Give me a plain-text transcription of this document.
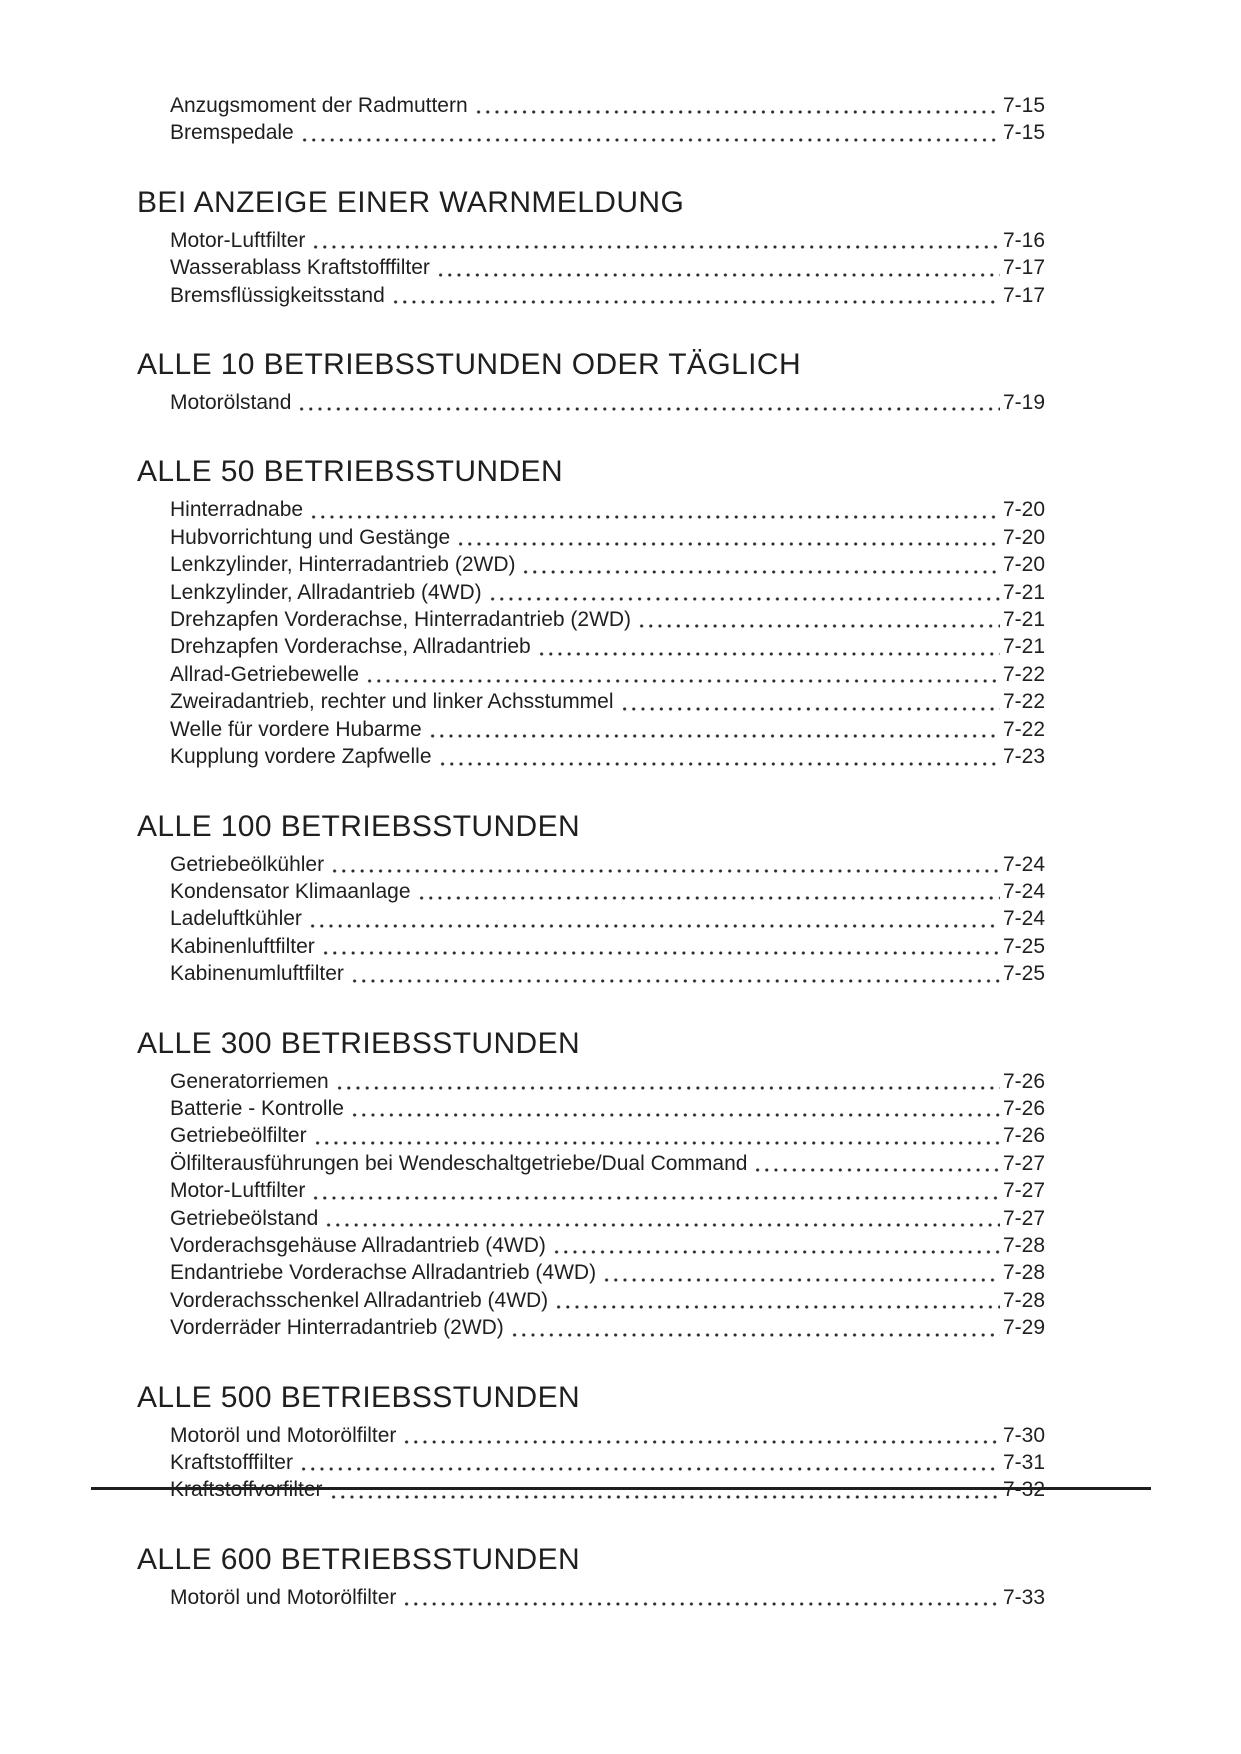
Anzugsmoment der Radmuttern	7-15
Bremspedale	7-15
BEI ANZEIGE EINER WARNMELDUNG
Motor-Luftfilter	7-16
Wasserablass Kraftstofffilter	7-17
Bremsflüssigkeitsstand	7-17
ALLE 10 BETRIEBSSTUNDEN ODER TÄGLICH
Motorölstand	7-19
ALLE 50 BETRIEBSSTUNDEN
Hinterradnabe	7-20
Hubvorrichtung und Gestänge	7-20
Lenkzylinder, Hinterradantrieb (2WD)	7-20
Lenkzylinder, Allradantrieb (4WD)	7-21
Drehzapfen Vorderachse, Hinterradantrieb (2WD)	7-21
Drehzapfen Vorderachse, Allradantrieb	7-21
Allrad-Getriebewelle	7-22
Zweiradantrieb, rechter und linker Achsstummel	7-22
Welle für vordere Hubarme	7-22
Kupplung vordere Zapfwelle	7-23
ALLE 100 BETRIEBSSTUNDEN
Getriebeölkühler	7-24
Kondensator Klimaanlage	7-24
Ladeluftkühler	7-24
Kabinenluftfilter	7-25
Kabinenumluftfilter	7-25
ALLE 300 BETRIEBSSTUNDEN
Generatorriemen	7-26
Batterie - Kontrolle	7-26
Getriebeölfilter	7-26
Ölfilterausführungen bei Wendeschaltgetriebe/Dual Command	7-27
Motor-Luftfilter	7-27
Getriebeölstand	7-27
Vorderachsgehäuse Allradantrieb (4WD)	7-28
Endantriebe Vorderachse Allradantrieb (4WD)	7-28
Vorderachsschenkel Allradantrieb (4WD)	7-28
Vorderräder Hinterradantrieb (2WD)	7-29
ALLE 500 BETRIEBSSTUNDEN
Motoröl und Motorölfilter	7-30
Kraftstofffilter	7-31
Kraftstoffvorfilter	7-32
ALLE 600 BETRIEBSSTUNDEN
Motoröl und Motorölfilter	7-33
